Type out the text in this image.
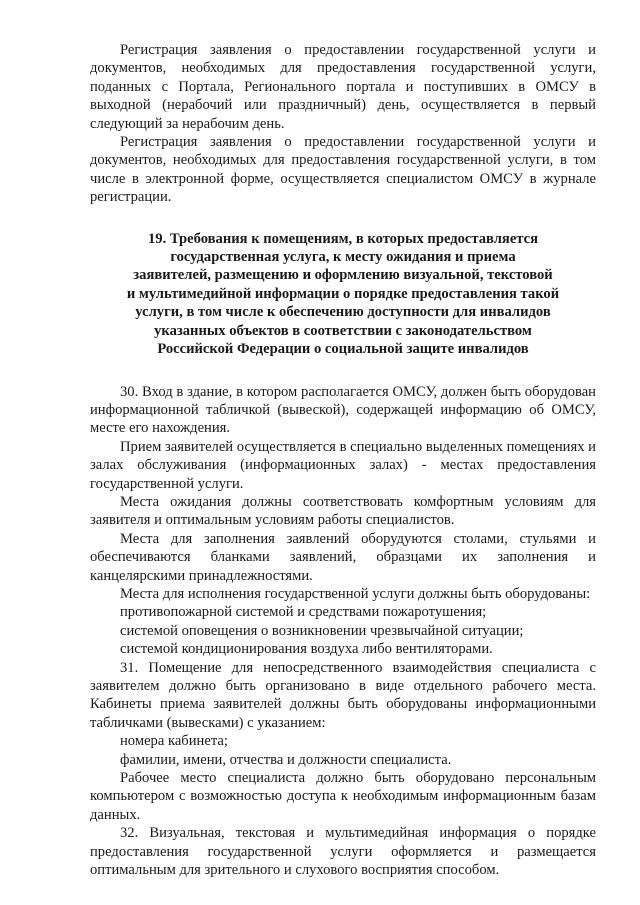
Регистрация заявления о предоставлении государственной услуги и документов, необходимых для предоставления государственной услуги, поданных с Портала, Регионального портала и поступивших в ОМСУ в выходной (нерабочий или праздничный) день, осуществляется в первый следующий за нерабочим день.

Регистрация заявления о предоставлении государственной услуги и документов, необходимых для предоставления государственной услуги, в том числе в электронной форме, осуществляется специалистом ОМСУ в журнале регистрации.

19. Требования к помещениям, в которых предоставляется
государственная услуга, к месту ожидания и приема
заявителей, размещению и оформлению визуальной, текстовой
и мультимедийной информации о порядке предоставления такой
услуги, в том числе к обеспечению доступности для инвалидов
указанных объектов в соответствии с законодательством
Российской Федерации о социальной защите инвалидов

30. Вход в здание, в котором располагается ОМСУ, должен быть оборудован информационной табличкой (вывеской), содержащей информацию об ОМСУ, месте его нахождения.

Прием заявителей осуществляется в специально выделенных помещениях и залах обслуживания (информационных залах) - местах предоставления государственной услуги.

Места ожидания должны соответствовать комфортным условиям для заявителя и оптимальным условиям работы специалистов.

Места для заполнения заявлений оборудуются столами, стульями и обеспечиваются бланками заявлений, образцами их заполнения и канцелярскими принадлежностями.

Места для исполнения государственной услуги должны быть оборудованы:

противопожарной системой и средствами пожаротушения;

системой оповещения о возникновении чрезвычайной ситуации;

системой кондиционирования воздуха либо вентиляторами.

31. Помещение для непосредственного взаимодействия специалиста с заявителем должно быть организовано в виде отдельного рабочего места. Кабинеты приема заявителей должны быть оборудованы информационными табличками (вывесками) с указанием:

номера кабинета;

фамилии, имени, отчества и должности специалиста.

Рабочее место специалиста должно быть оборудовано персональным компьютером с возможностью доступа к необходимым информационным базам данных.

32. Визуальная, текстовая и мультимедийная информация о порядке предоставления государственной услуги оформляется и размещается оптимальным для зрительного и слухового восприятия способом.
